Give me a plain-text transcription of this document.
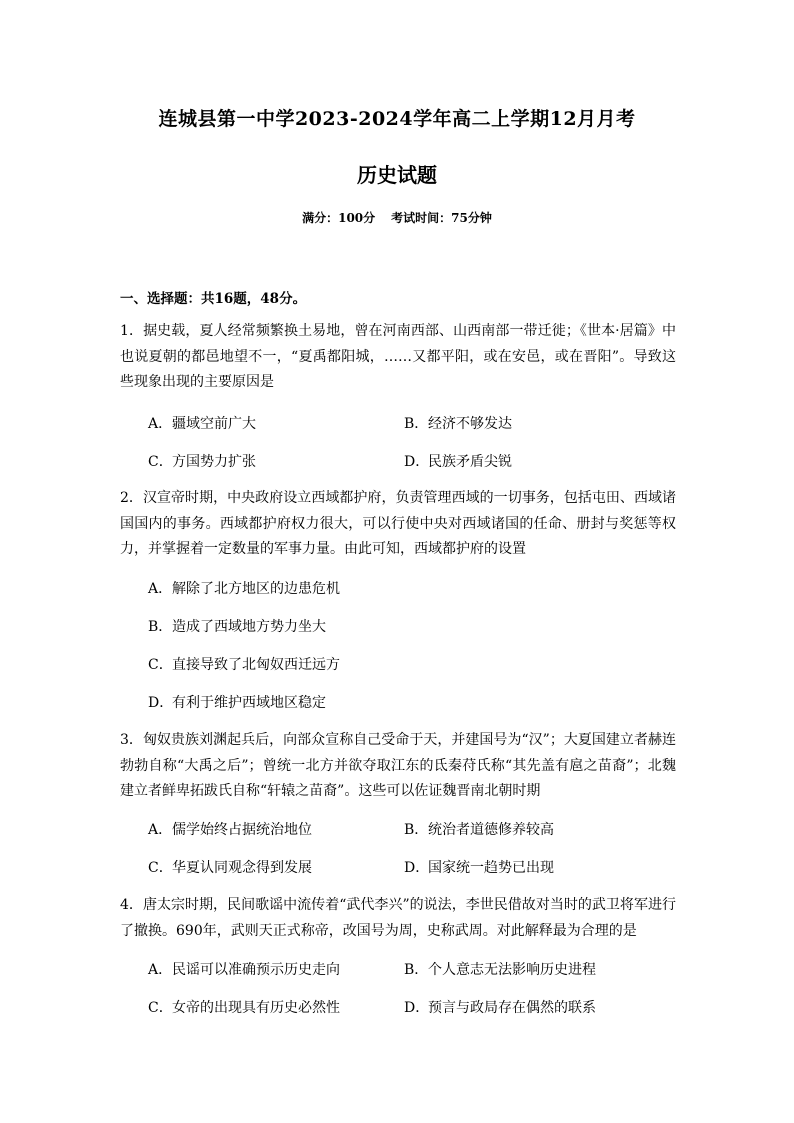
连城县第一中学2023-2024学年高二上学期12月月考
历史试题
满分：100分 考试时间：75分钟
一、选择题：共16题，48分。
1．据史载，夏人经常频繁换土易地，曾在河南西部、山西南部一带迁徙；《世本·居篇》中也说夏朝的都邑地望不一，“夏禹都阳城，……又都平阳，或在安邑，或在晋阳”。导致这些现象出现的主要原因是
A．疆域空前广大	B．经济不够发达
C．方国势力扩张	D．民族矛盾尖锐
2．汉宣帝时期，中央政府设立西域都护府，负责管理西域的一切事务，包括屯田、西域诸国国内的事务。西域都护府权力很大，可以行使中央对西域诸国的任命、册封与奖惩等权力，并掌握着一定数量的军事力量。由此可知，西域都护府的设置
A．解除了北方地区的边患危机
B．造成了西域地方势力坐大
C．直接导致了北匈奴西迁远方
D．有利于维护西域地区稳定
3．匈奴贵族刘渊起兵后，向部众宣称自己受命于天，并建国号为“汉”；大夏国建立者赫连勃勃自称“大禹之后”；曾统一北方并欲夺取江东的氐秦苻氏称“其先盖有扈之苗裔”；北魏建立者鲜卑拓跋氏自称“轩辕之苗裔”。这些可以佐证魏晋南北朝时期
A．儒学始终占据统治地位	B．统治者道德修养较高
C．华夏认同观念得到发展	D．国家统一趋势已出现
4．唐太宗时期，民间歌谣中流传着“武代李兴”的说法，李世民借故对当时的武卫将军进行了撤换。690年，武则天正式称帝，改国号为周，史称武周。对此解释最为合理的是
A．民谣可以准确预示历史走向	B．个人意志无法影响历史进程
C．女帝的出现具有历史必然性	D．预言与政局存在偶然的联系
